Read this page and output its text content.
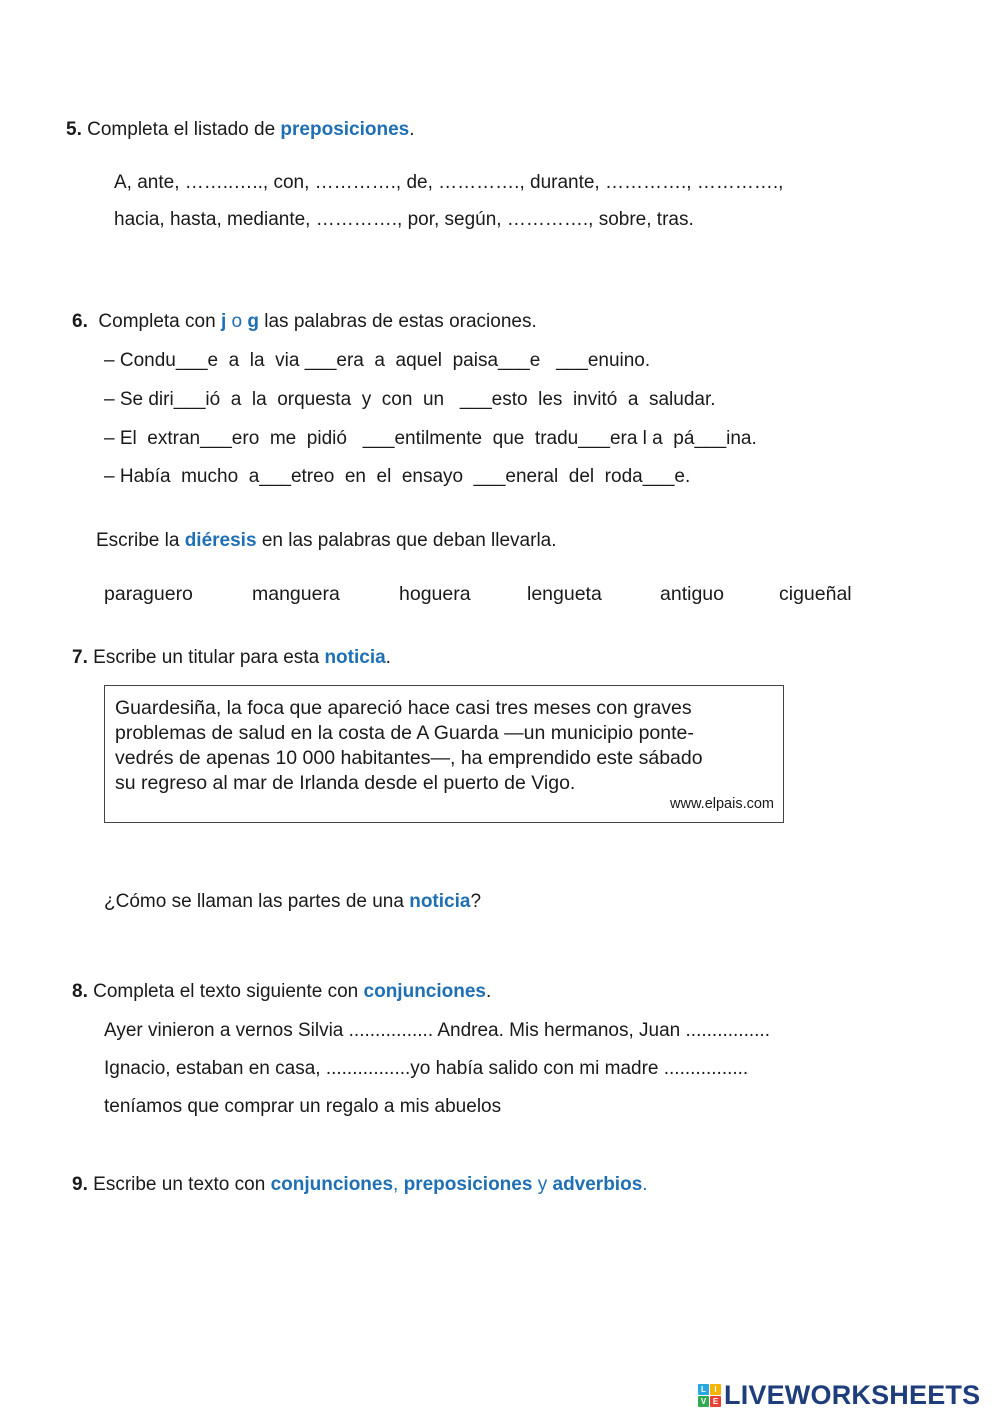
5. Completa el listado de preposiciones.
A, ante, ……..….., con, …………., de, …………., durante, …………., ………….,
hacia, hasta, mediante, …………., por, según, …………., sobre, tras.
6. Completa con j o g las palabras de estas oraciones.
– Condu___e  a  la  via ___era  a  aquel  paisa___e   ___enuino.
– Se diri___ió  a  la  orquesta  y  con  un   ___esto  les  invitó  a  saludar.
– El  extran___ero  me  pidió   ___entilmente  que  tradu___era l a  pá___ina.
– Había  mucho  a___etreo  en  el  ensayo  ___eneral  del  roda___e.
Escribe la diéresis en las palabras que deban llevarla.
paraguero	manguera	hoguera	lengueta	antiguo	cigueñal
7. Escribe un titular para esta noticia.
Guardesiña, la foca que apareció hace casi tres meses con graves
problemas de salud en la costa de A Guarda —un municipio ponte-
vedrés de apenas 10 000 habitantes—, ha emprendido este sábado
su regreso al mar de Irlanda desde el puerto de Vigo.
www.elpais.com
¿Cómo se llaman las partes de una noticia?
8. Completa el texto siguiente con conjunciones.
Ayer vinieron a vernos Silvia ................ Andrea. Mis hermanos, Juan ................
Ignacio, estaban en casa, ................yo había salido con mi madre ................
teníamos que comprar un regalo a mis abuelos
9. Escribe un texto con conjunciones, preposiciones y adverbios.
L	I
V E LIVEWORKSHEETS
